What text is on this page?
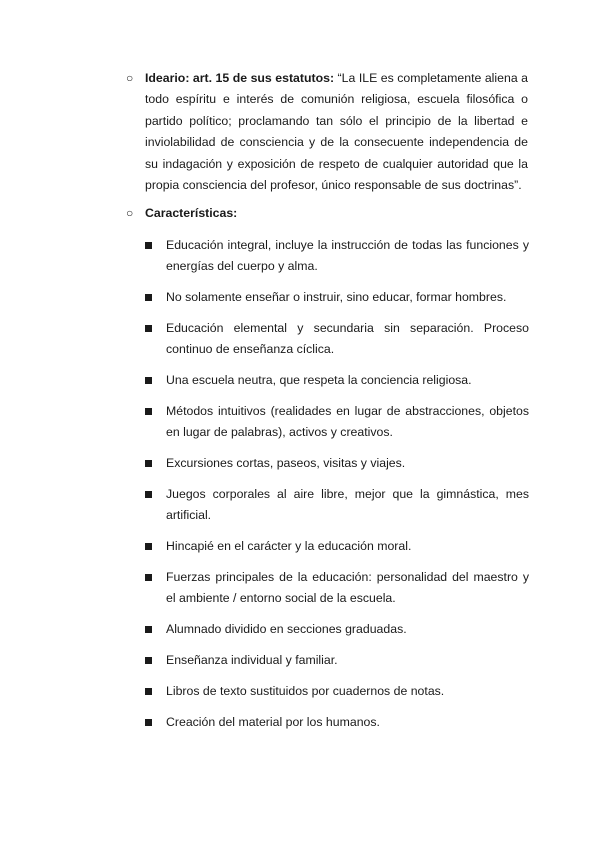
○ Ideario: art. 15 de sus estatutos: “La ILE es completamente aliena a todo espíritu e interés de comunión religiosa, escuela filosófica o partido político; proclamando tan sólo el principio de la libertad e inviolabilidad de consciencia y de la consecuente independencia de su indagación y exposición de respeto de cualquier autoridad que la propia consciencia del profesor, único responsable de sus doctrinas”.
○ Características:
Educación integral, incluye la instrucción de todas las funciones y energías del cuerpo y alma.
No solamente enseñar o instruir, sino educar, formar hombres.
Educación elemental y secundaria sin separación. Proceso continuo de enseñanza cíclica.
Una escuela neutra, que respeta la conciencia religiosa.
Métodos intuitivos (realidades en lugar de abstracciones, objetos en lugar de palabras), activos y creativos.
Excursiones cortas, paseos, visitas y viajes.
Juegos corporales al aire libre, mejor que la gimnástica, mes artificial.
Hincapié en el carácter y la educación moral.
Fuerzas principales de la educación: personalidad del maestro y el ambiente / entorno social de la escuela.
Alumnado dividido en secciones graduadas.
Enseñanza individual y familiar.
Libros de texto sustituidos por cuadernos de notas.
Creación del material por los humanos.
